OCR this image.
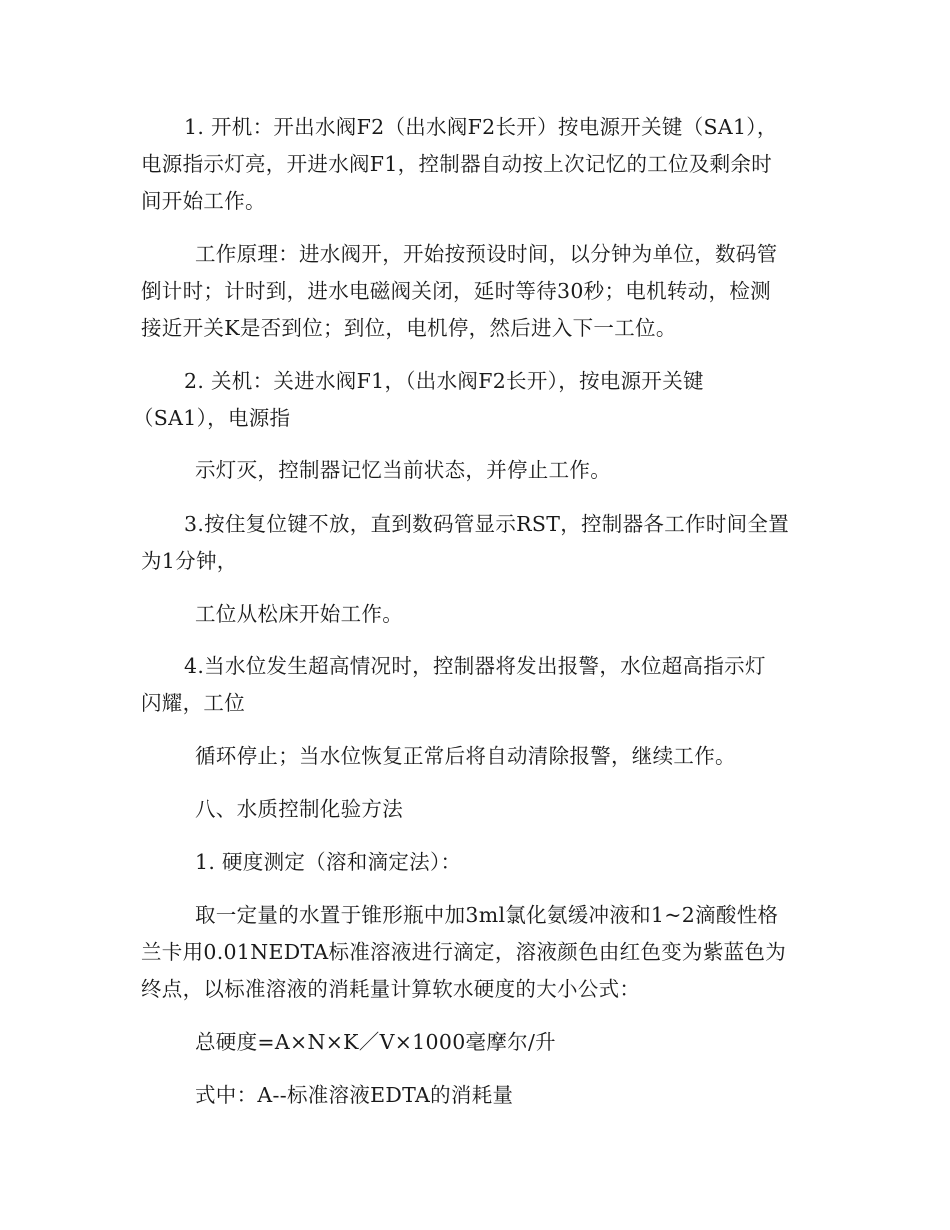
1. 开机：开出水阀F2（出水阀F2长开）按电源开关键（SA1），
电源指示灯亮，开进水阀F1，控制器自动按上次记忆的工位及剩余时
间开始工作。
工作原理：进水阀开，开始按预设时间，以分钟为单位，数码管
倒计时；计时到，进水电磁阀关闭，延时等待30秒；电机转动，检测
接近开关K是否到位；到位，电机停，然后进入下一工位。
2. 关机：关进水阀F1，（出水阀F2长开），按电源开关键
（SA1），电源指
示灯灭，控制器记忆当前状态，并停止工作。
3.按住复位键不放，直到数码管显示RST，控制器各工作时间全置
为1分钟，
工位从松床开始工作。
4.当水位发生超高情况时，控制器将发出报警，水位超高指示灯
闪耀，工位
循环停止；当水位恢复正常后将自动清除报警，继续工作。
八、水质控制化验方法
1. 硬度测定（溶和滴定法）：
取一定量的水置于锥形瓶中加3ml氯化氨缓冲液和1~2滴酸性格
兰卡用0.01NEDTA标准溶液进行滴定，溶液颜色由红色变为紫蓝色为
终点，以标准溶液的消耗量计算软水硬度的大小公式：
总硬度=A×N×K／V×1000毫摩尔/升
式中：A--标准溶液EDTA的消耗量
